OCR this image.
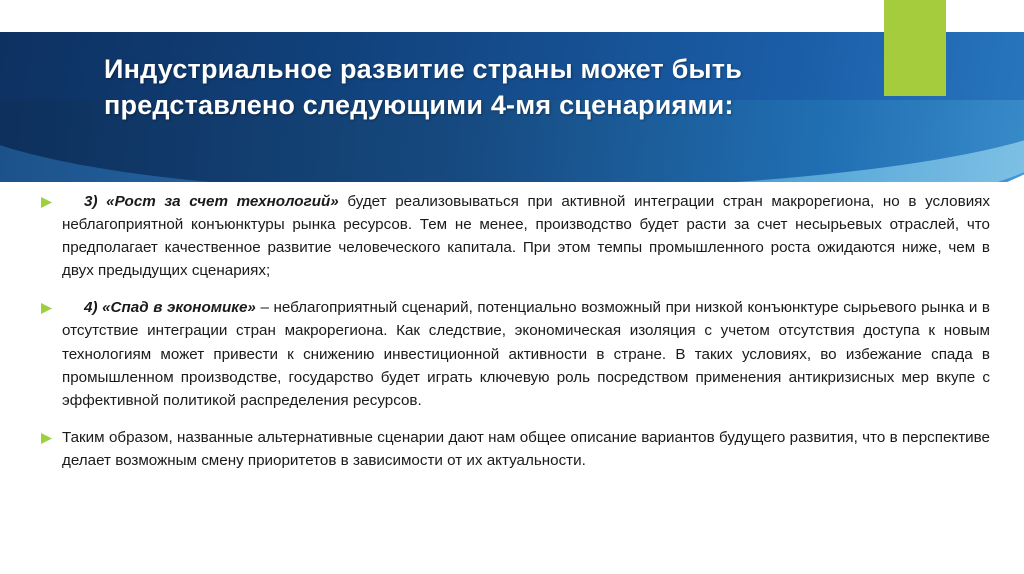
Индустриальное развитие страны может быть представлено следующими 4-мя сценариями:
3) «Рост за счет технологий» будет реализовываться при активной интеграции стран макрорегиона, но в условиях неблагоприятной конъюнктуры рынка ресурсов. Тем не менее, производство будет расти за счет несырьевых отраслей, что предполагает качественное развитие человеческого капитала. При этом темпы промышленного роста ожидаются ниже, чем в двух предыдущих сценариях;
4) «Спад в экономике» – неблагоприятный сценарий, потенциально возможный при низкой конъюнктуре сырьевого рынка и в отсутствие интеграции стран макрорегиона. Как следствие, экономическая изоляция с учетом отсутствия доступа к новым технологиям может привести к снижению инвестиционной активности в стране. В таких условиях, во избежание спада в промышленном производстве, государство будет играть ключевую роль посредством применения антикризисных мер вкупе с эффективной политикой распределения ресурсов.
Таким образом, названные альтернативные сценарии дают нам общее описание вариантов будущего развития, что в перспективе делает возможным смену приоритетов в зависимости от их актуальности.
